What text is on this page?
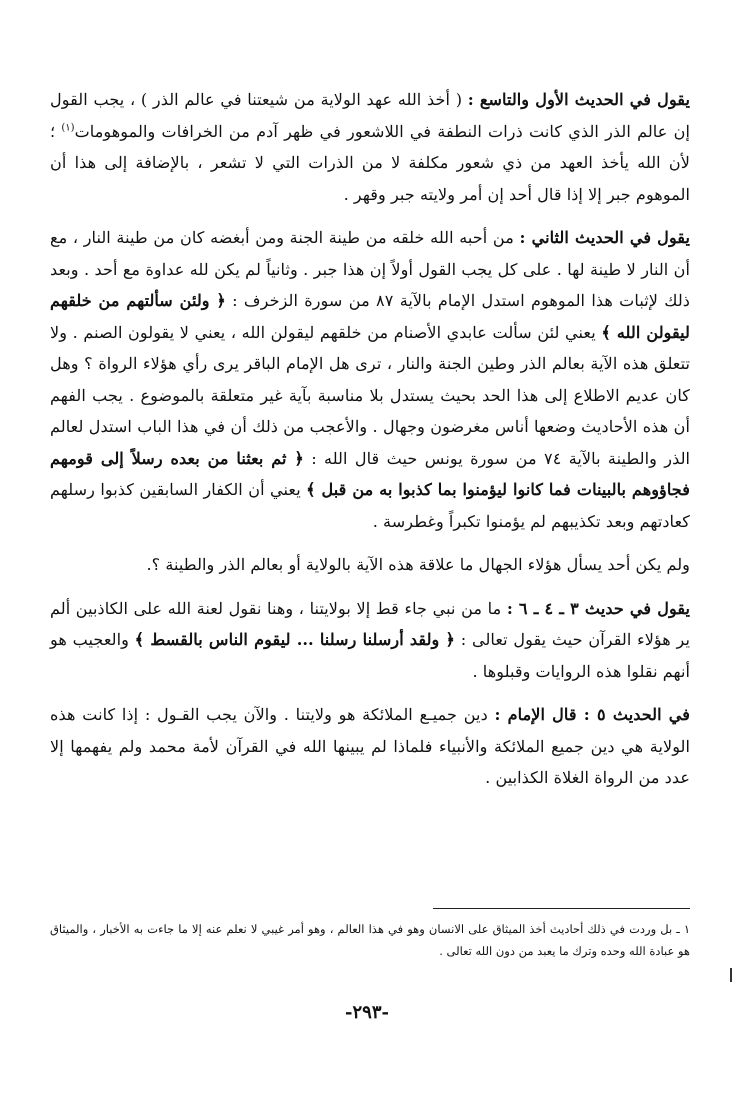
يقول في الحديث الأول والتاسع : ( أخذ الله عهد الولاية من شيعتنا في عالم الذر ) ، يجب القول إن عالم الذر الذي كانت ذرات النطفة في اللاشعور في ظهر آدم من الخرافات والموهومات$^{(١)}$ ؛ لأن الله يأخذ العهد من ذي شعور مكلفة لا من الذرات التي لا تشعر ، بالإضافة إلى هذا أن الموهوم جبر إلا إذا قال أحد إن أمر ولايته جبر وقهر .

يقول في الحديث الثاني : من أحبه الله خلقه من طينة الجنة ومن أبغضه كان من طينة النار ، مع أن النار لا طينة لها . على كل يجب القول أولاً إن هذا جبر . وثانياً لم يكن لله عداوة مع أحد . وبعد ذلك لإثبات هذا الموهوم استدل الإمام بالآية ٨٧ من سورة الزخرف : ﴿ ولئن سألتهم من خلقهم ليقولن الله ﴾ يعني لئن سألت عابدي الأصنام من خلقهم ليقولن الله ، يعني لا يقولون الصنم . ولا تتعلق هذه الآية بعالم الذر وطين الجنة والنار ، ترى هل الإمام الباقر يرى رأي هؤلاء الرواة ؟ وهل كان عديم الاطلاع إلى هذا الحد بحيث يستدل بلا مناسبة بآية غير متعلقة بالموضوع . يجب الفهم أن هذه الأحاديث وضعها أناس مغرضون وجهال . والأعجب من ذلك أن في هذا الباب استدل لعالم الذر والطينة بالآية ٧٤ من سورة يونس حيث قال الله : ﴿ ثم بعثنا من بعده رسلاً إلى قومهم فجاؤوهم بالبينات فما كانوا ليؤمنوا بما كذبوا به من قبل ﴾ يعني أن الكفار السابقين كذبوا رسلهم كعادتهم وبعد تكذيبهم لم يؤمنوا تكبراً وغطرسة .

ولم يكن أحد يسأل هؤلاء الجهال ما علاقة هذه الآية بالولاية أو بعالم الذر والطينة ؟.

يقول في حديث ٣ ـ ٤ ـ ٦ : ما من نبي جاء قط إلا بولايتنا ، وهنا نقول لعنة الله على الكاذبين ألم ير هؤلاء القرآن حيث يقول تعالى : ﴿ ولقد أرسلنا رسلنا ... ليقوم الناس بالقسط ﴾ والعجيب هو أنهم نقلوا هذه الروايات وقبلوها .

في الحديث ٥ : قال الإمام : دين جميـع الملائكة هو ولايتنا . والآن يجب القـول : إذا كانت هذه الولاية هي دين جميع الملائكة والأنبياء فلماذا لم يبينها الله في القرآن لأمة محمد ولم يفهمها إلا عدد من الرواة الغلاة الكذابين .

١ ـ بل وردت في ذلك أحاديث أخذ الميثاق على الانسان وهو في هذا العالم ، وهو أمر غيبي لا نعلم عنه إلا ما جاءت به الأخبار ، والميثاق هو عبادة الله وحده وترك ما يعبد من دون الله تعالى .
-٢٩٣-
